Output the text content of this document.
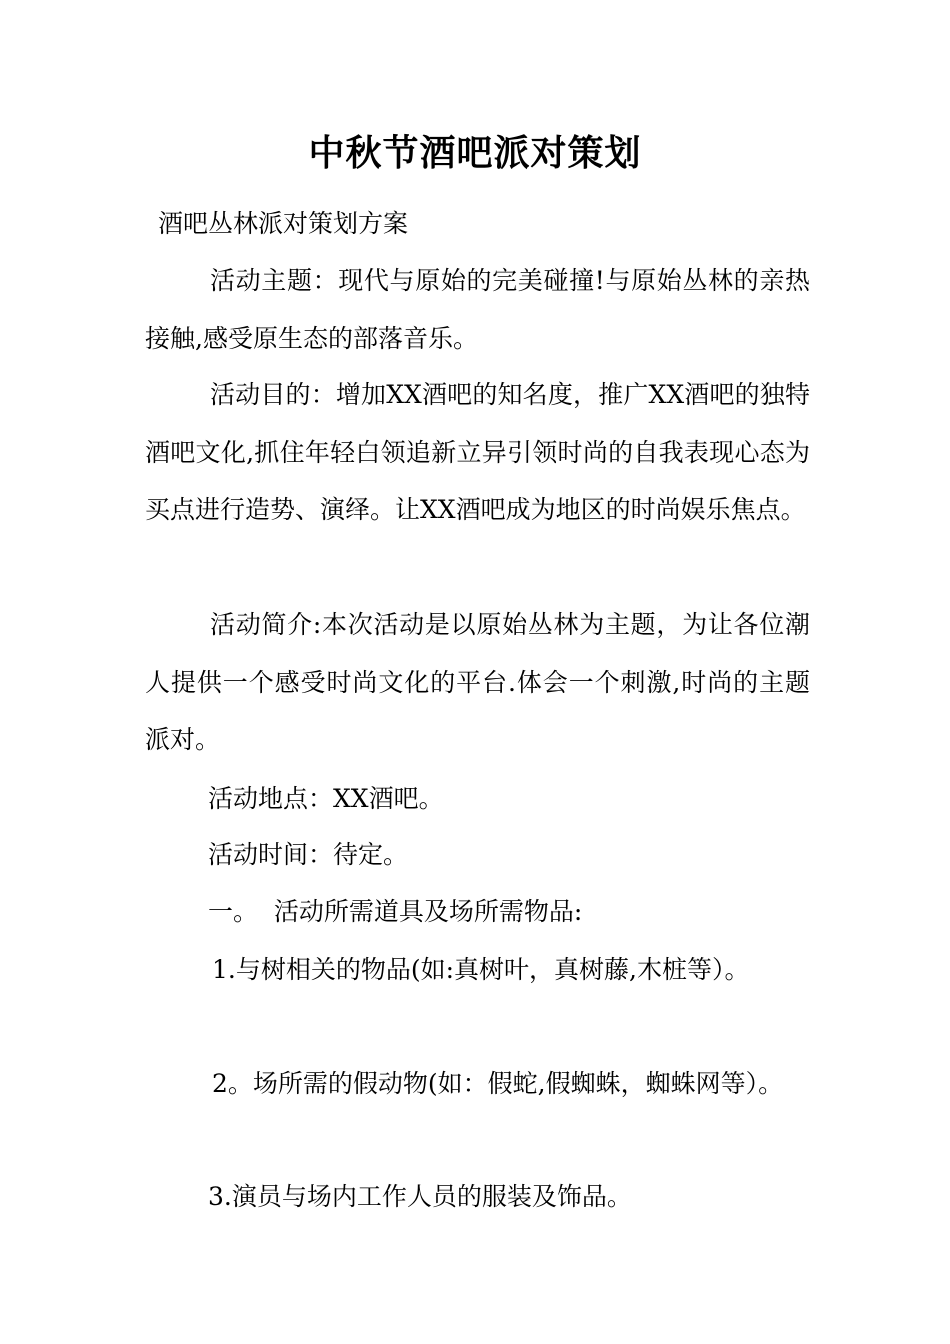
中秋节酒吧派对策划
酒吧丛林派对策划方案
活动主题：现代与原始的完美碰撞!与原始丛林的亲热接触,感受原生态的部落音乐。
活动目的：增加XX酒吧的知名度，推广XX酒吧的独特酒吧文化,抓住年轻白领追新立异引领时尚的自我表现心态为买点进行造势、演绎。让XX酒吧成为地区的时尚娱乐焦点。
活动简介:本次活动是以原始丛林为主题，为让各位潮人提供一个感受时尚文化的平台.体会一个刺激,时尚的主题派对。
活动地点：XX酒吧。
活动时间：待定。
一。  活动所需道具及场所需物品:
1.与树相关的物品(如:真树叶，真树藤,木桩等）。
2。场所需的假动物(如：假蛇,假蜘蛛，蜘蛛网等）。
3.演员与场内工作人员的服装及饰品。
